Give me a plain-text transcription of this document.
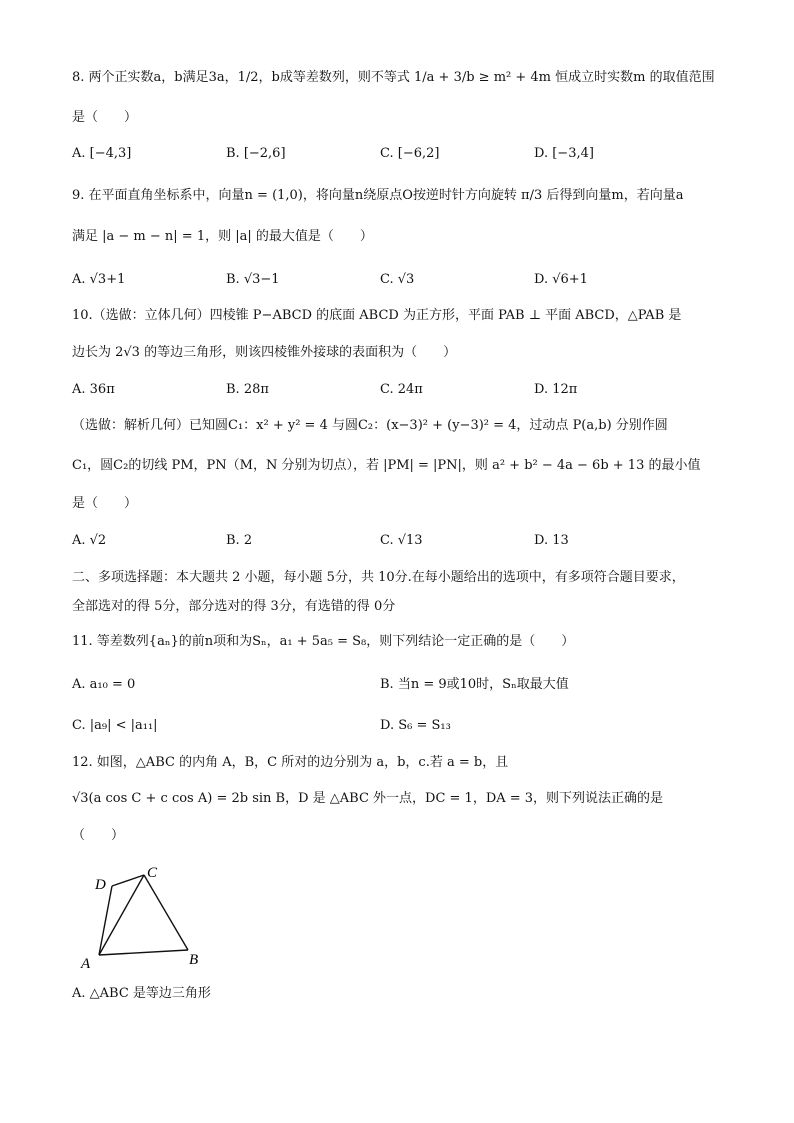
8. 两个正实数a，b满足3a，1/2，b成等差数列，则不等式 1/a + 3/b ≥ m² + 4m 恒成立时实数m 的取值范围
是（　　）
A. [−4,3]	B. [−2,6]	C. [−6,2]	D. [−3,4]
9. 在平面直角坐标系中，向量n = (1,0)，将向量n绕原点O按逆时针方向旋转 π/3 后得到向量m，若向量a
满足 |a − m − n| = 1，则 |a| 的最大值是（　　）
A. √3+1	B. √3−1	C. √3	D. √6+1
10.（选做：立体几何）四棱锥 P−ABCD 的底面 ABCD 为正方形，平面 PAB ⊥ 平面 ABCD，△PAB 是
边长为 2√3 的等边三角形，则该四棱锥外接球的表面积为（　　）
A. 36π	B. 28π	C. 24π	D. 12π
（选做：解析几何）已知圆C₁：x² + y² = 4 与圆C₂：(x−3)² + (y−3)² = 4，过动点 P(a,b) 分别作圆
C₁，圆C₂的切线 PM，PN（M，N 分别为切点），若 |PM| = |PN|，则 a² + b² − 4a − 6b + 13 的最小值
是（　　）
A. √2	B. 2	C. √13	D. 13
二、多项选择题：本大题共 2 小题，每小题 5分，共 10分.在每小题给出的选项中，有多项符合题目要求，
全部选对的得 5分，部分选对的得 3分，有选错的得 0分
11. 等差数列{aₙ}的前n项和为Sₙ，a₁ + 5a₅ = S₈，则下列结论一定正确的是（　　）
A. a₁₀ = 0	B. 当n = 9或10时，Sₙ取最大值
C. |a₉| < |a₁₁|	D. S₆ = S₁₃
12. 如图，△ABC 的内角 A，B，C 所对的边分别为 a，b，c.若 a = b，且
√3(a cos C + c cos A) = 2b sin B，D 是 △ABC 外一点，DC = 1，DA = 3，则下列说法正确的是
（　　）
A	B
C
D
A. △ABC 是等边三角形
